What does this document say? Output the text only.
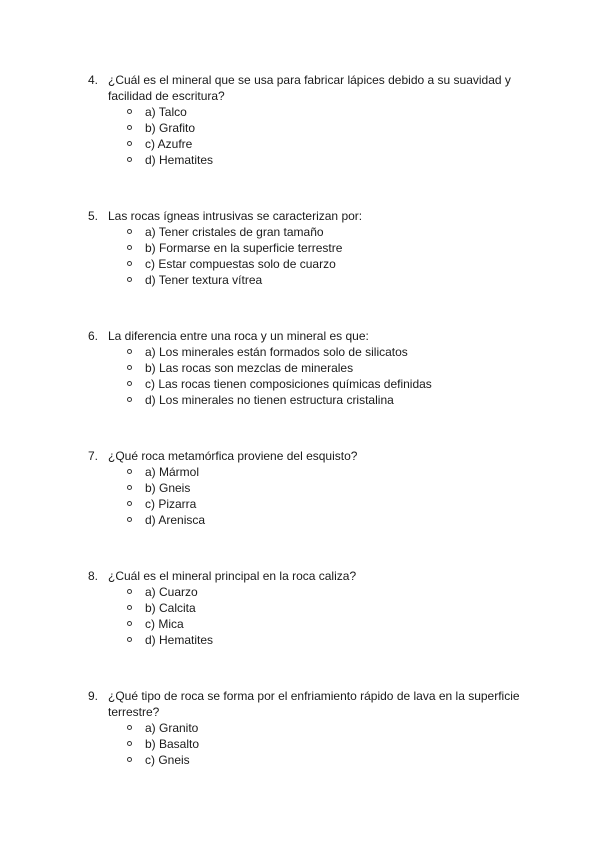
4. ¿Cuál es el mineral que se usa para fabricar lápices debido a su suavidad y facilidad de escritura?
a) Talco
b) Grafito
c) Azufre
d) Hematites
5. Las rocas ígneas intrusivas se caracterizan por:
a) Tener cristales de gran tamaño
b) Formarse en la superficie terrestre
c) Estar compuestas solo de cuarzo
d) Tener textura vítrea
6. La diferencia entre una roca y un mineral es que:
a) Los minerales están formados solo de silicatos
b) Las rocas son mezclas de minerales
c) Las rocas tienen composiciones químicas definidas
d) Los minerales no tienen estructura cristalina
7. ¿Qué roca metamórfica proviene del esquisto?
a) Mármol
b) Gneis
c) Pizarra
d) Arenisca
8. ¿Cuál es el mineral principal en la roca caliza?
a) Cuarzo
b) Calcita
c) Mica
d) Hematites
9. ¿Qué tipo de roca se forma por el enfriamiento rápido de lava en la superficie terrestre?
a) Granito
b) Basalto
c) Gneis
